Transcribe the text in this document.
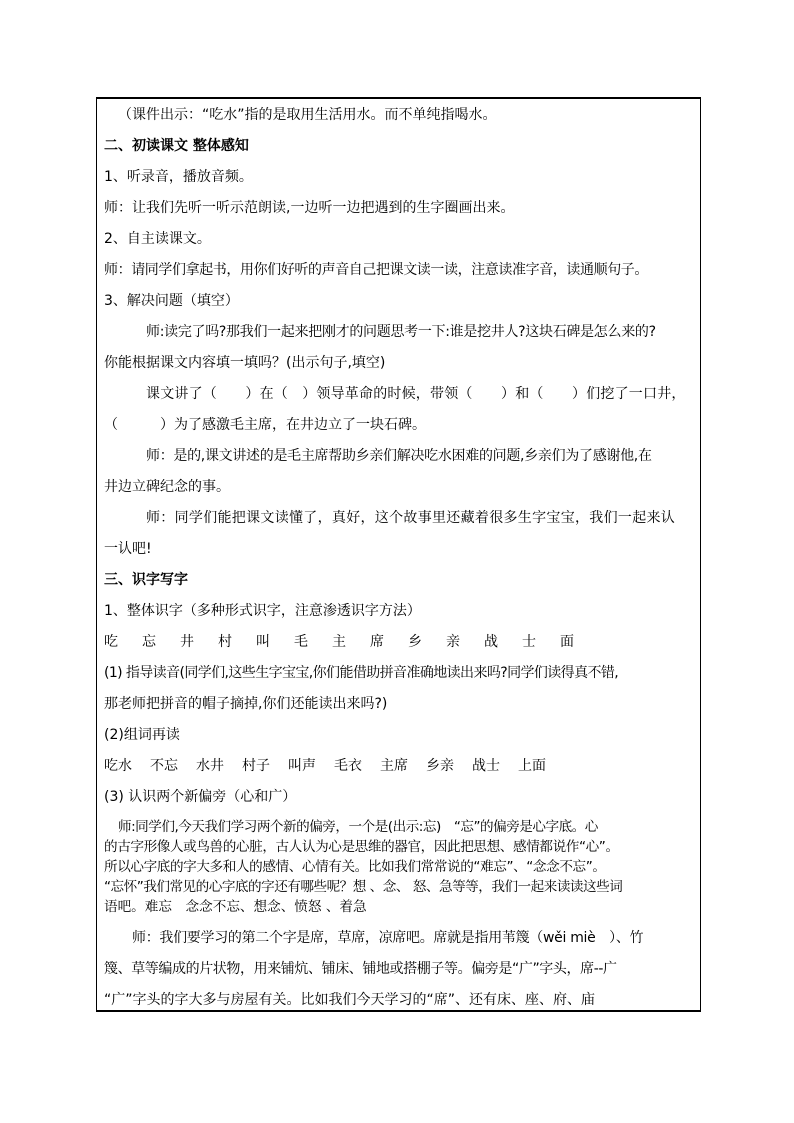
（课件出示：“吃水”指的是取用生活用水。而不单纯指喝水。
二、初读课文 整体感知
1、听录音，播放音频。
师：让我们先听一听示范朗读,一边听一边把遇到的生字圈画出来。
2、自主读课文。
师：请同学们拿起书，用你们好听的声音自己把课文读一读，注意读准字音，读通顺句子。
3、解决问题（填空）
师:读完了吗?那我们一起来把刚才的问题思考一下:谁是挖井人?这块石碑是怎么来的?
你能根据课文内容填一填吗？(出示句子,填空)
课文讲了（　　）在（　）领导革命的时候，带领（　　）和（　　）们挖了一口井，
（　　　）为了感激毛主席，在井边立了一块石碑。
师：是的,课文讲述的是毛主席帮助乡亲们解决吃水困难的问题,乡亲们为了感谢他,在
井边立碑纪念的事。
师：同学们能把课文读懂了，真好，这个故事里还藏着很多生字宝宝，我们一起来认
一认吧!
三、识字写字
1、整体识字（多种形式识字，注意渗透识字方法）
吃 忘 井 村 叫 毛 主 席 乡 亲 战 士 面
(1) 指导读音(同学们,这些生字宝宝,你们能借助拼音准确地读出来吗?同学们读得真不错,
那老师把拼音的帽子摘掉,你们还能读出来吗?)
(2)组词再读
吃水 不忘 水井 村子 叫声 毛衣 主席 乡亲 战士 上面
(3) 认识两个新偏旁（心和广）
师:同学们,今天我们学习两个新的偏旁，一个是(出示:忘)　“忘”的偏旁是心字底。心
的古字形像人或鸟兽的心脏，古人认为心是思维的器官，因此把思想、感情都说作“心”。
所以心字底的字大多和人的感情、心情有关。比如我们常常说的“难忘”、“念念不忘”。
“忘怀”我们常见的心字底的字还有哪些呢？想 、念、 怒、急等等，我们一起来读读这些词
语吧。难忘　念念不忘、想念、愤怒 、着急
师：我们要学习的第二个字是席，草席，凉席吧。席就是指用苇篾（wěi miè　）、竹
篾、草等编成的片状物，用来铺炕、铺床、铺地或搭棚子等。偏旁是“广”字头，席--广
“广”字头的字大多与房屋有关。比如我们今天学习的“席”、还有床、座、府、庙
